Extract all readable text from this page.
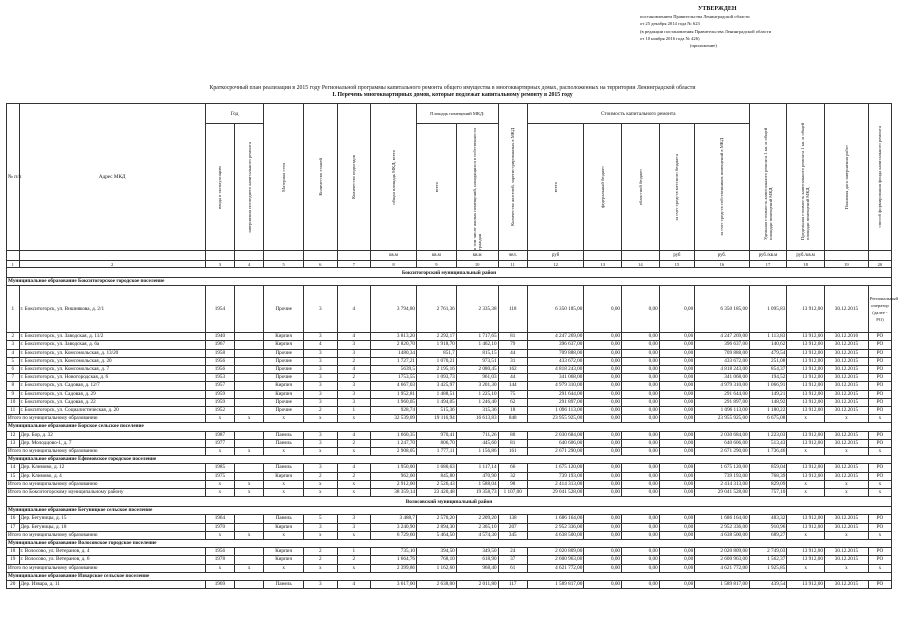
УТВЕРЖДЕН
постановлением Правительства Ленинградской области
от 25 декабря 2014 года № 623
(в редакции постановления Правительства Ленинградской области
от 10 ноября 2016 года № 426)
(приложение)
Краткосрочный план реализации в 2015 году Региональной программы капитального ремонта общего имущества в многоквартирных домах, расположенных на территории Ленинградской области
I. Перечень многоквартирных домов, которые подлежат капитальному ремонту в 2015 году
№ п/п	Адрес МКД	Год		Материал стен	Количество этажей	Количество подъездов	общая площадь МКД, всего	Площадь помещений МКД:		Количество жителей, зарегистрированных в МКД	Стоимость капитального ремонта					Удельная стоимость капитального ремонта 1 кв. м общей площади помещений МКД	Предельная стоимость капитального ремонта 1 кв. м общей площади помещений МКД	Плановая дата завершения работ	способ формирования фонда капитального ремонта

		ввода в эксплуатацию	завершения последнего капитального ремонта					всего	в том числе жилых помещений, находящихся в собственности граждан		всего	федеральный бюджет	областной бюджет	за счет средств местного бюджета	за счет средств собственников помещений в МКД				

							кв.м	кв.м	кв.м	чел.	руб			руб	руб.	руб./кв.м	руб./кв.м		
1	2	3	4	5	6	7	8	9	10	11	12	13	14	15	16	17	18	19	20
Бокситогорский муниципальный район																			
Муниципальное образование Бокситогорское городское поселение																			
1	г. Бокситогорск, ул. Вишнякова, д. 2/1	1954		Прочие	3	4	3 794,80	2 761,36	2 335,38	118	6 350 185,00	0,00	0,00	0,00	6 350 185,00	1 095,83	13 912,00	30.12.2015	Региональный оператор (далее - РО)
2	г. Бокситогорск, ул. Заводская, д. 11/2	1940		Кирпич	3	4	3 813,20	2 292,17	1 717,65	81	4 247 269,00	0,00	0,00	0,00	4 247 269,00	1 113,83	13 912,00	30.12.2016	РО
3	г. Бокситогорск, ул. Заводская, д. 6а	1967		Кирпич	4	3	2 820,70	1 918,70	1 462,10	79	396 637,00	0,00	0,00	0,00	396 637,00	140,62	13 912,00	30.12.2015	РО
4	г. Бокситогорск, ул. Комсомольская, д. 13/20	1958		Прочие	3	3	1480,34	851,7	815,15	44	709 888,00	0,00	0,00	0,00	709 888,00	479,54	13 912,00	30.12.2015	РО
5	г. Бокситогорск, ул. Комсомольская, д. 20	1956		Прочие	3	2	1 727,21	1 070,21	973,51	31	433 672,00	0,00	0,00	0,00	433 672,00	251,08	13 912,00	30.12.2015	РО
6	г. Бокситогорск, ул. Комсомольская, д. 7	1956		Прочие	3	4	5639,5	2 195,16	2 080,45	162	4 818 243,00	0,00	0,00	0,00	4 818 243,00	854,37	13 912,00	30.12.2015	РО
7	г. Бокситогорск, ул. Новогородская, д. 6	1953		Прочие	3	2	1753,55	1 093,73	961,03	44	341 068,00	0,00	0,00	0,00	341 068,00	194,52	13 912,00	30.12.2015	РО
8	г. Бокситогорск, ул. Садовая, д. 12/7	1957		Кирпич	3	3	4 667,03	3 425,97	3 201,30	144	4 979 310,00	0,00	0,00	0,00	4 979 310,00	1 066,91	13 912,00	30.12.2015	РО
9	г. Бокситогорск, ул. Садовая, д. 29	1959		Кирпич	3	3	1 952,81	1 488,51	1 225,10	75	291 644,00	0,00	0,00	0,00	291 644,00	149,21	13 912,00	30.12.2015	РО
10	г. Бокситогорск, ул. Садовая, д. 22	1959		Прочие	3	3	1 960,05	1 494,05	1 246,40	62	291 897,00	0,00	0,00	0,00	291 897,00	148,92	13 912,00	30.12.2015	РО
11	г. Бокситогорск, ул. Социалистическая, д. 20	1952		Прочие	2	1	928,74	515,36	315,36	18	1 096 113,00	0,00	0,00	0,00	1 096 113,00	1 180,22	13 912,00	30.12.2015	РО
Итого по муниципальному образованию		x	x	x	x	x	32 539,09	19 116,94	16 613,83	848	23 955 925,00	0,00	0,00	0,00	23 955 925,00	6 675,08	x	x	x
Муниципальное образование Борское сельское поселение																			
12	Дер. Бор, д. 32	1987		Панель	3	4	1 660,35	970,41	711,26	80	2 030 684,00	0,00	0,00	0,00	2 030 684,00	1 223,03	13 912,00	30.12.2015	РО
13	Дер. Молодцово-1, д. 7	1977		Панель	3	2	1 247,70	806,70	445,60	81	640 606,00	0,00	0,00	0,00	640 606,00	513,43	13 912,00	30.12.2015	РО
Итого по муниципальному образованию		x	x	x	x	x	2 908,05	1 777,11	1 156,86	161	2 671 290,00	0,00	0,00	0,00	2 671 290,00	1 736,46	x	x	x
Муниципальное образование Ефимовское городское поселение																			
14	Дер. Климово, д. 12	1985		Панель	3	4	1 950,00	1 680,63	1 117,14	66	1 675 120,00	0,00	0,00	0,00	1 675 120,00	859,04	13 912,00	30.12.2015	РО
15	Дер. Климово, д. 4	1975		Кирпич	2	2	962,00	845,80	470,90	32	739 193,00	0,00	0,00	0,00	739 193,00	768,39	13 912,00	30.12.2015	РО
Итого по муниципальному образованию		x	x	x	x	x	2 912,00	2 526,43	1 588,04	98	2 414 313,00	0,00	0,00	0,00	2 414 313,00	829,09	x	x	x
Итого по Бокситогорскому муниципальному району		x	x	x	x	x	38 359,14	23 420,48	19 358,73	1 107,00	29 041 528,00	0,00	0,00	0,00	29 041 528,00	757,10	x	x	x
Волосовский муниципальный район																			
Муниципальное образование Бегуницкое сельское поселение																			
16	Дер. Бегуницы, д. 15	1964		Панель	5	3	3 488,7	2 570,20	2 209,20	138	1 686 164,00	0,00	0,00	0,00	1 686 164,00	483,32	13 912,00	30.12.2015	РО
17	Дер. Бегуницы, д. 18	1970		Кирпич	3	3	3 240,90	2 894,30	2 365,10	207	2 952 336,00	0,00	0,00	0,00	2 952 336,00	910,96	13 912,00	30.12.2015	РО
Итого по муниципальному образованию		x	x	x	x	x	6 729,60	5 464,50	4 574,30	345	4 638 500,00	0,00	0,00	0,00	4 638 500,00	689,27	x	x	x
Муниципальное образование Волосовское городское поселение																			
18	г. Волосово, ул. Ветеранов, д. 4	1956		Кирпич	2	1	735,10	394,50	349,50	24	2 020 809,00	0,00	0,00	0,00	2 020 809,00	2 749,03	13 912,00	30.12.2015	РО
19	г. Волосово, ул. Ветеранов, д. 6	1978		Кирпич	2	2	1 664,76	768,10	618,90	37	2 600 963,00	0,00	0,00	0,00	2 600 963,00	1 562,37	13 912,00	30.12.2015	РО
Итого по муниципальному образованию		x	x	x	x	x	2 399,86	1 162,60	968,40	61	4 621 772,00	0,00	0,00	0,00	4 621 772,00	1 925,85	x	x	x
Муниципальное образование Изварское сельское поселение																			
20	Дер. Извара, д. 11	1969		Панель	3	4	3 617,00	2 638,00	2 011,80	117	1 589 817,00	0,00	0,00	0,00	1 589 817,00	439,54	13 912,00	30.12.2015	РО
